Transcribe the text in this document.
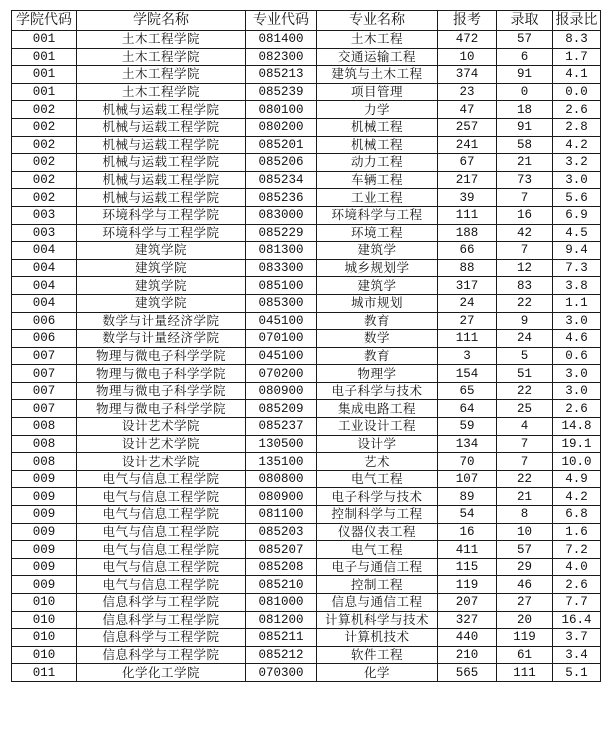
学院代码	学院名称	专业代码	专业名称	报考	录取	报录比
001	土木工程学院	081400	土木工程	472	57	8.3
001	土木工程学院	082300	交通运输工程	10	6	1.7
001	土木工程学院	085213	建筑与土木工程	374	91	4.1
001	土木工程学院	085239	项目管理	23	0	0.0
002	机械与运载工程学院	080100	力学	47	18	2.6
002	机械与运载工程学院	080200	机械工程	257	91	2.8
002	机械与运载工程学院	085201	机械工程	241	58	4.2
002	机械与运载工程学院	085206	动力工程	67	21	3.2
002	机械与运载工程学院	085234	车辆工程	217	73	3.0
002	机械与运载工程学院	085236	工业工程	39	7	5.6
003	环境科学与工程学院	083000	环境科学与工程	111	16	6.9
003	环境科学与工程学院	085229	环境工程	188	42	4.5
004	建筑学院	081300	建筑学	66	7	9.4
004	建筑学院	083300	城乡规划学	88	12	7.3
004	建筑学院	085100	建筑学	317	83	3.8
004	建筑学院	085300	城市规划	24	22	1.1
006	数学与计量经济学院	045100	教育	27	9	3.0
006	数学与计量经济学院	070100	数学	111	24	4.6
007	物理与微电子科学学院	045100	教育	3	5	0.6
007	物理与微电子科学学院	070200	物理学	154	51	3.0
007	物理与微电子科学学院	080900	电子科学与技术	65	22	3.0
007	物理与微电子科学学院	085209	集成电路工程	64	25	2.6
008	设计艺术学院	085237	工业设计工程	59	4	14.8
008	设计艺术学院	130500	设计学	134	7	19.1
008	设计艺术学院	135100	艺术	70	7	10.0
009	电气与信息工程学院	080800	电气工程	107	22	4.9
009	电气与信息工程学院	080900	电子科学与技术	89	21	4.2
009	电气与信息工程学院	081100	控制科学与工程	54	8	6.8
009	电气与信息工程学院	085203	仪器仪表工程	16	10	1.6
009	电气与信息工程学院	085207	电气工程	411	57	7.2
009	电气与信息工程学院	085208	电子与通信工程	115	29	4.0
009	电气与信息工程学院	085210	控制工程	119	46	2.6
010	信息科学与工程学院	081000	信息与通信工程	207	27	7.7
010	信息科学与工程学院	081200	计算机科学与技术	327	20	16.4
010	信息科学与工程学院	085211	计算机技术	440	119	3.7
010	信息科学与工程学院	085212	软件工程	210	61	3.4
011	化学化工学院	070300	化学	565	111	5.1
